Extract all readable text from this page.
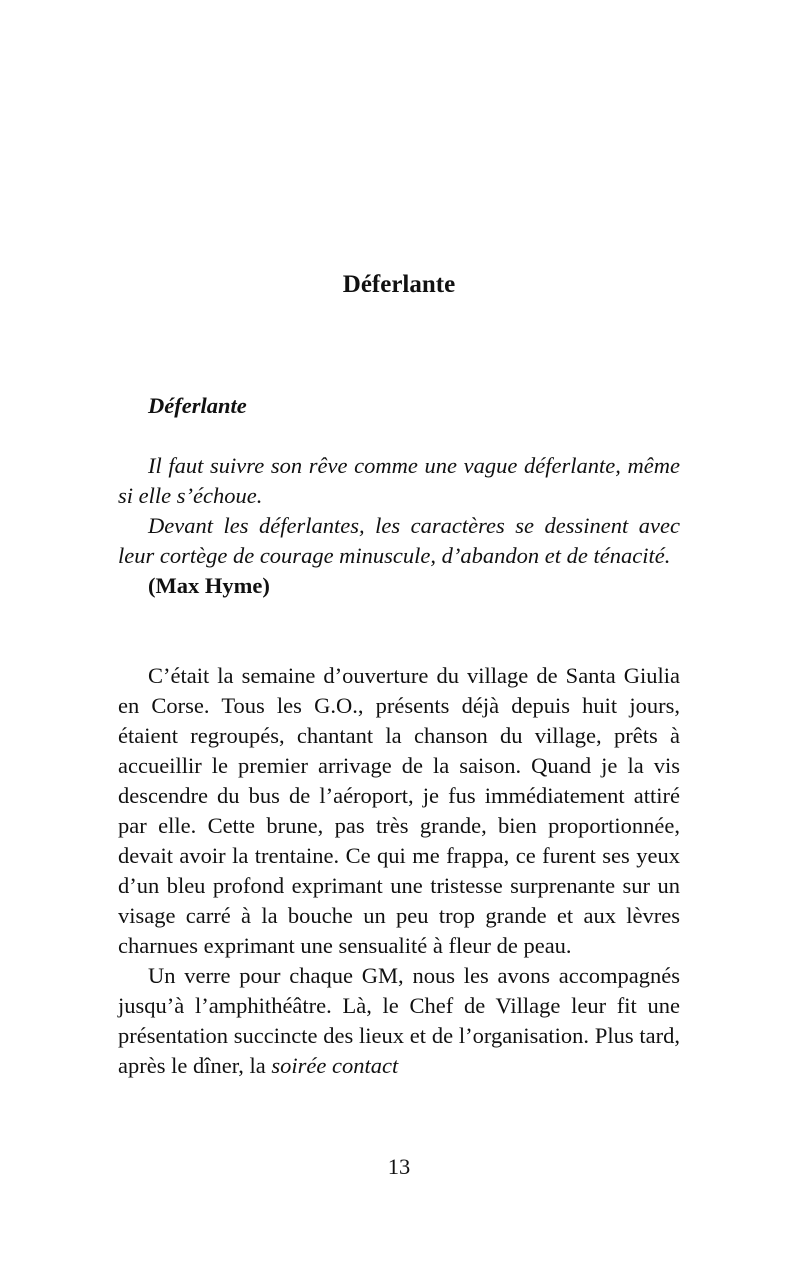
Déferlante

Déferlante

Il faut suivre son rêve comme une vague déferlante, même si elle s’échoue.

Devant les déferlantes, les caractères se dessinent avec leur cortège de courage minuscule, d’abandon et de ténacité.

(Max Hyme)

C’était la semaine d’ouverture du village de Santa Giulia en Corse. Tous les G.O., présents déjà depuis huit jours, étaient regroupés, chantant la chanson du village, prêts à accueillir le premier arrivage de la saison. Quand je la vis descendre du bus de l’aéroport, je fus immédiatement attiré par elle. Cette brune, pas très grande, bien proportionnée, devait avoir la trentaine. Ce qui me frappa, ce furent ses yeux d’un bleu profond exprimant une tristesse surprenante sur un visage carré à la bouche un peu trop grande et aux lèvres charnues exprimant une sensualité à fleur de peau.

Un verre pour chaque GM, nous les avons accompagnés jusqu’à l’amphithéâtre. Là, le Chef de Village leur fit une présentation succincte des lieux et de l’organisation. Plus tard, après le dîner, la soirée contact

13
